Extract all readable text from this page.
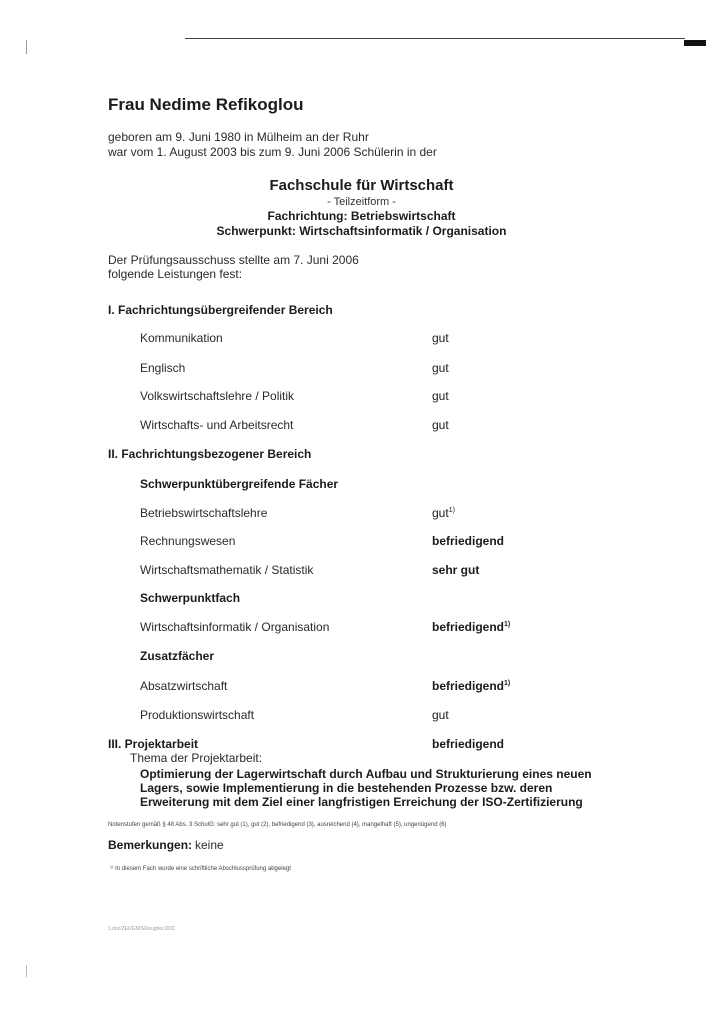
Frau Nedime Refikoglou
geboren am 9. Juni 1980 in Mülheim an der Ruhr
war vom 1. August 2003 bis zum 9. Juni 2006 Schülerin in der
Fachschule für Wirtschaft
- Teilzeitform -
Fachrichtung: Betriebswirtschaft
Schwerpunkt: Wirtschaftsinformatik / Organisation
Der Prüfungsausschuss stellte am 7. Juni 2006
folgende Leistungen fest:
I. Fachrichtungsübergreifender Bereich
Kommunikation	gut
Englisch	gut
Volkswirtschaftslehre / Politik	gut
Wirtschafts- und Arbeitsrecht	gut
II. Fachrichtungsbezogener Bereich
Schwerpunktübergreifende Fächer
Betriebswirtschaftslehre	gut$^{1)}$
Rechnungswesen	befriedigend
Wirtschaftsmathematik / Statistik	sehr gut
Schwerpunktfach
Wirtschaftsinformatik / Organisation	befriedigend$^{1)}$
Zusatzfächer
Absatzwirtschaft	befriedigend$^{1)}$
Produktionswirtschaft	gut
III. Projektarbeit	befriedigend
Thema der Projektarbeit:
Optimierung der Lagerwirtschaft durch Aufbau und Strukturierung eines neuen
Lagers, sowie Implementierung in die bestehenden Prozesse bzw. deren
Erweiterung mit dem Ziel einer langfristigen Erreichung der ISO-Zertifizierung
Notenstufen gemäß § 48 Abs. 3 SchulG: sehr gut (1), gut (2), befriedigend (3), ausreichend (4), mangelhaft (5), ungenügend (6)
Bemerkungen: keine
¹⁾ In diesem Fach wurde eine schriftliche Abschlussprüfung abgelegt
1.doc/ZEUGNIS/Zeugnis.DOC
